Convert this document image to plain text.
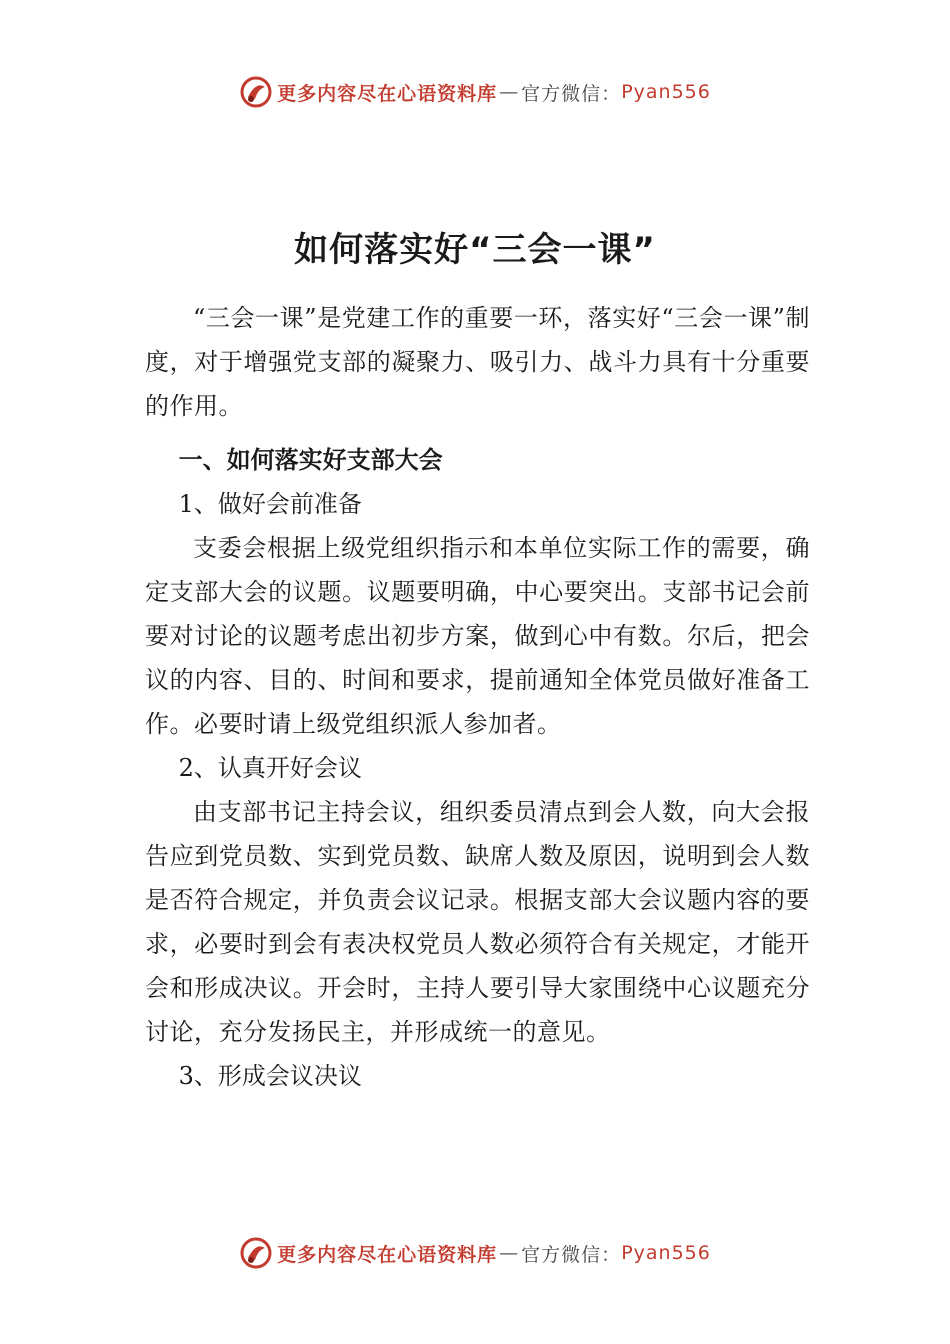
更多内容尽在心语资料库 — 官方微信： Pyan556
如何落实好“三会一课”

“三会一课”是党建工作的重要一环，落实好“三会一课”制度，对于增强党支部的凝聚力、吸引力、战斗力具有十分重要的作用。

一、如何落实好支部大会

1、做好会前准备

支委会根据上级党组织指示和本单位实际工作的需要，确定支部大会的议题。议题要明确，中心要突出。支部书记会前要对讨论的议题考虑出初步方案，做到心中有数。尔后，把会议的内容、目的、时间和要求，提前通知全体党员做好准备工作。必要时请上级党组织派人参加者。

2、认真开好会议

由支部书记主持会议，组织委员清点到会人数，向大会报告应到党员数、实到党员数、缺席人数及原因，说明到会人数是否符合规定，并负责会议记录。根据支部大会议题内容的要求，必要时到会有表决权党员人数必须符合有关规定，才能开会和形成决议。开会时，主持人要引导大家围绕中心议题充分讨论，充分发扬民主，并形成统一的意见。

3、形成会议决议

更多内容尽在心语资料库 — 官方微信： Pyan556
